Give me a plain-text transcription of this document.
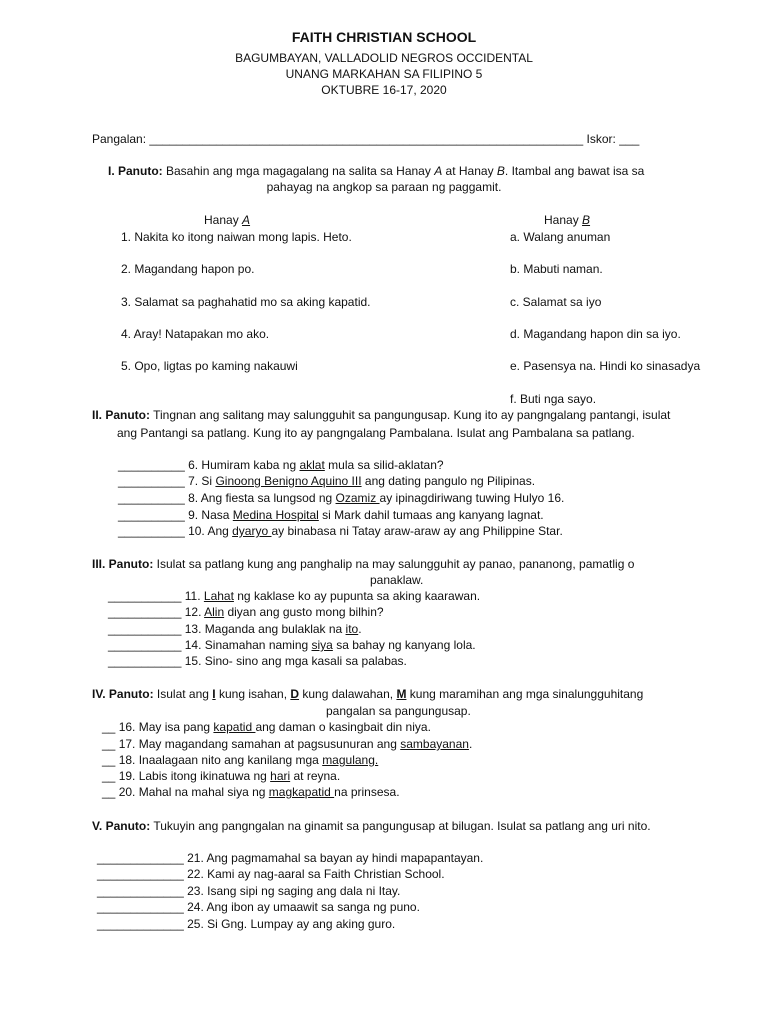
FAITH CHRISTIAN SCHOOL
BAGUMBAYAN, VALLADOLID NEGROS OCCIDENTAL
UNANG MARKAHAN SA FILIPINO 5
OKTUBRE 16-17, 2020
Pangalan: _________________________________________________________________ Iskor: ___
I. Panuto: Basahin ang mga magagalang na salita sa Hanay A at Hanay B. Itambal ang bawat isa sa
pahayag na angkop sa paraan ng paggamit.
Hanay A	Hanay B
1. Nakita ko itong naiwan mong lapis. Heto.
2. Magandang hapon po.
3. Salamat sa paghahatid mo sa aking kapatid.
4. Aray! Natapakan mo ako.
5. Opo, ligtas po kaming nakauwi
a. Walang anuman
b. Mabuti naman.
c. Salamat sa iyo
d. Magandang hapon din sa iyo.
e. Pasensya na. Hindi ko sinasadya
f. Buti nga sayo.
II. Panuto: Tingnan ang salitang may salungguhit sa pangungusap. Kung ito ay pangngalang pantangi, isulat
ang Pantangi sa patlang. Kung ito ay pangngalang Pambalana. Isulat ang Pambalana sa patlang.
__________ 6. Humiram kaba ng aklat mula sa silid-aklatan?
__________ 7. Si Ginoong Benigno Aquino III ang dating pangulo ng Pilipinas.
__________ 8. Ang fiesta sa lungsod ng Ozamiz ay ipinagdiriwang tuwing Hulyo 16.
__________ 9. Nasa Medina Hospital si Mark dahil tumaas ang kanyang lagnat.
__________ 10. Ang dyaryo ay binabasa ni Tatay araw-araw ay ang Philippine Star.
III. Panuto: Isulat sa patlang kung ang panghalip na may salungguhit ay panao, pananong, pamatlig o
panaklaw.
___________ 11. Lahat ng kaklase ko ay pupunta sa aking kaarawan.
___________ 12. Alin diyan ang gusto mong bilhin?
___________ 13. Maganda ang bulaklak na ito.
___________ 14. Sinamahan naming siya sa bahay ng kanyang lola.
___________ 15. Sino- sino ang mga kasali sa palabas.
IV. Panuto: Isulat ang I kung isahan, D kung dalawahan, M kung maramihan ang mga sinalungguhitang
pangalan sa pangungusap.
__ 16. May isa pang kapatid ang daman o kasingbait din niya.
__ 17. May magandang samahan at pagsusunuran ang sambayanan.
__ 18. Inaalagaan nito ang kanilang mga magulang.
__ 19. Labis itong ikinatuwa ng hari at reyna.
__ 20. Mahal na mahal siya ng magkapatid na prinsesa.
V. Panuto: Tukuyin ang pangngalan na ginamit sa pangungusap at bilugan. Isulat sa patlang ang uri nito.
_____________ 21. Ang pagmamahal sa bayan ay hindi mapapantayan.
_____________ 22. Kami ay nag-aaral sa Faith Christian School.
_____________ 23. Isang sipi ng saging ang dala ni Itay.
_____________ 24. Ang ibon ay umaawit sa sanga ng puno.
_____________ 25. Si Gng. Lumpay ay ang aking guro.
